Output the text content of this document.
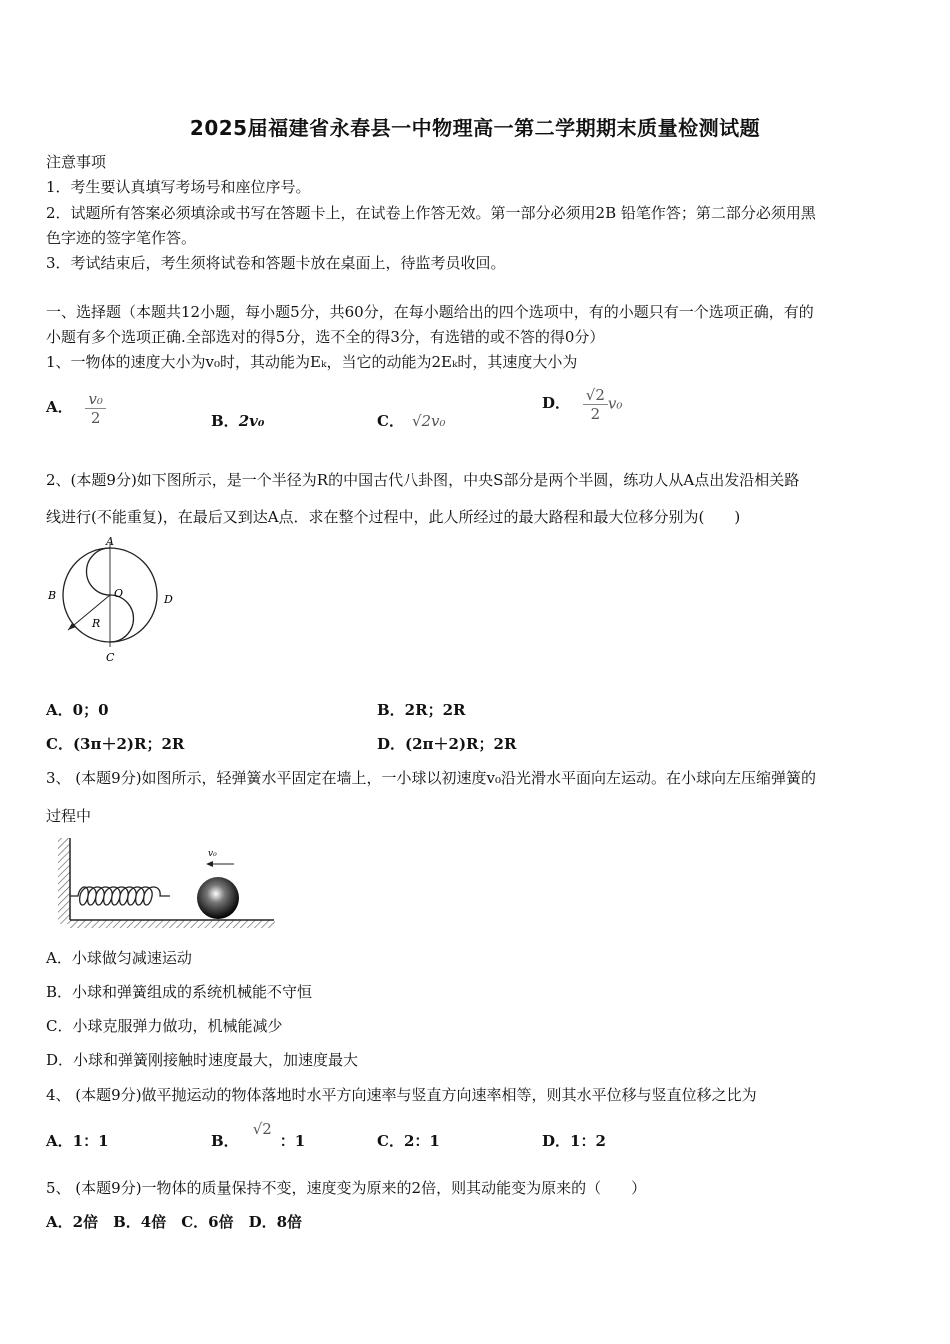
2025届福建省永春县一中物理高一第二学期期末质量检测试题
注意事项
1．考生要认真填写考场号和座位序号。
2．试题所有答案必须填涂或书写在答题卡上，在试卷上作答无效。第一部分必须用2B 铅笔作答；第二部分必须用黑
色字迹的签字笔作答。
3．考试结束后，考生须将试卷和答题卡放在桌面上，待监考员收回。
一、选择题（本题共12小题，每小题5分，共60分，在每小题给出的四个选项中，有的小题只有一个选项正确，有的
小题有多个选项正确.全部选对的得5分，选不全的得3分，有选错的或不答的得0分）
1、一物体的速度大小为v₀时，其动能为Eₖ，当它的动能为2Eₖ时，其速度大小为
A． $\frac{\text{v₀}}{2}$	B．2v₀	C． √2v₀
D． $\frac{√2}{2} v_0$
2、(本题9分)如下图所示，是一个半径为R的中国古代八卦图，中央S部分是两个半圆，练功人从A点出发沿相关路
线进行(不能重复)，在最后又到达A点．求在整个过程中，此人所经过的最大路程和最大位移分别为(　　)
A
B
C
D
O
R
A．0；0	B．2R；2R
C．(3π＋2)R；2R	D．(2π＋2)R；2R
3、 (本题9分)如图所示，轻弹簧水平固定在墙上，一小球以初速度v₀沿光滑水平面向左运动。在小球向左压缩弹簧的
过程中
v₀
A．小球做匀减速运动
B．小球和弹簧组成的系统机械能不守恒
C．小球克服弹力做功，机械能减少
D．小球和弹簧刚接触时速度最大，加速度最大
4、 (本题9分)做平抛运动的物体落地时水平方向速率与竖直方向速率相等，则其水平位移与竖直位移之比为
A．1：1	B．√2：1	C．2：1	D．1：2
5、 (本题9分)一物体的质量保持不变，速度变为原来的2倍，则其动能变为原来的（　　）
A．2倍　B．4倍　C．6倍　D．8倍
